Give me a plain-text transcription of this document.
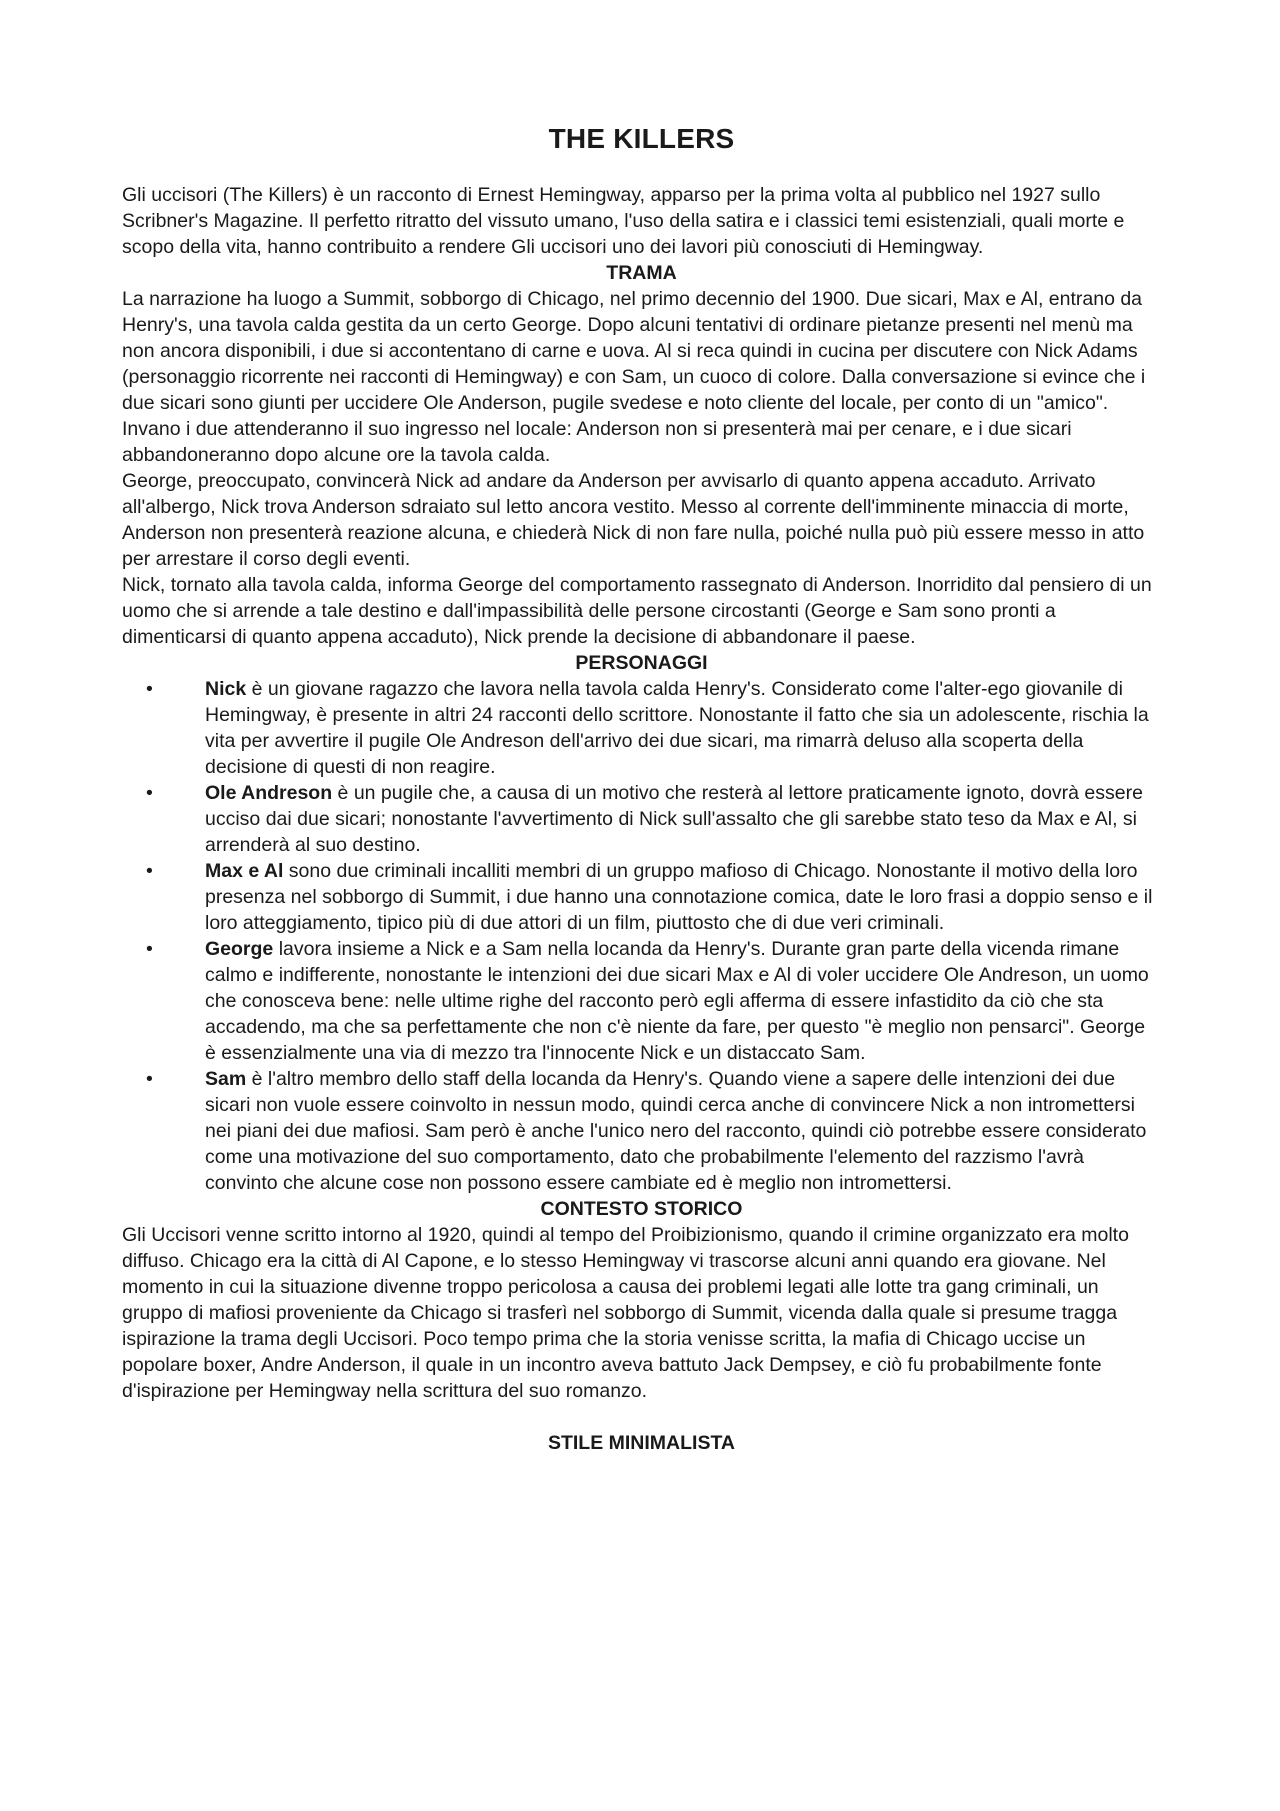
THE KILLERS

Gli uccisori (The Killers) è un racconto di Ernest Hemingway, apparso per la prima volta al pubblico nel 1927 sullo Scribner's Magazine. Il perfetto ritratto del vissuto umano, l'uso della satira e i classici temi esistenziali, quali morte e scopo della vita, hanno contribuito a rendere Gli uccisori uno dei lavori più conosciuti di Hemingway.

TRAMA

La narrazione ha luogo a Summit, sobborgo di Chicago, nel primo decennio del 1900. Due sicari, Max e Al, entrano da Henry's, una tavola calda gestita da un certo George. Dopo alcuni tentativi di ordinare pietanze presenti nel menù ma non ancora disponibili, i due si accontentano di carne e uova. Al si reca quindi in cucina per discutere con Nick Adams (personaggio ricorrente nei racconti di Hemingway) e con Sam, un cuoco di colore. Dalla conversazione si evince che i due sicari sono giunti per uccidere Ole Anderson, pugile svedese e noto cliente del locale, per conto di un "amico". Invano i due attenderanno il suo ingresso nel locale: Anderson non si presenterà mai per cenare, e i due sicari abbandoneranno dopo alcune ore la tavola calda.

George, preoccupato, convincerà Nick ad andare da Anderson per avvisarlo di quanto appena accaduto. Arrivato all'albergo, Nick trova Anderson sdraiato sul letto ancora vestito. Messo al corrente dell'imminente minaccia di morte, Anderson non presenterà reazione alcuna, e chiederà Nick di non fare nulla, poiché nulla può più essere messo in atto per arrestare il corso degli eventi.

Nick, tornato alla tavola calda, informa George del comportamento rassegnato di Anderson. Inorridito dal pensiero di un uomo che si arrende a tale destino e dall'impassibilità delle persone circostanti (George e Sam sono pronti a dimenticarsi di quanto appena accaduto), Nick prende la decisione di abbandonare il paese.

PERSONAGGI
•	Nick è un giovane ragazzo che lavora nella tavola calda Henry's. Considerato come l'alter-ego giovanile di Hemingway, è presente in altri 24 racconti dello scrittore. Nonostante il fatto che sia un adolescente, rischia la vita per avvertire il pugile Ole Andreson dell'arrivo dei due sicari, ma rimarrà deluso alla scoperta della decisione di questi di non reagire.
•	Ole Andreson è un pugile che, a causa di un motivo che resterà al lettore praticamente ignoto, dovrà essere ucciso dai due sicari; nonostante l'avvertimento di Nick sull'assalto che gli sarebbe stato teso da Max e Al, si arrenderà al suo destino.
•	Max e Al sono due criminali incalliti membri di un gruppo mafioso di Chicago. Nonostante il motivo della loro presenza nel sobborgo di Summit, i due hanno una connotazione comica, date le loro frasi a doppio senso e il loro atteggiamento, tipico più di due attori di un film, piuttosto che di due veri criminali.
•	George lavora insieme a Nick e a Sam nella locanda da Henry's. Durante gran parte della vicenda rimane calmo e indifferente, nonostante le intenzioni dei due sicari Max e Al di voler uccidere Ole Andreson, un uomo che conosceva bene: nelle ultime righe del racconto però egli afferma di essere infastidito da ciò che sta accadendo, ma che sa perfettamente che non c'è niente da fare, per questo "è meglio non pensarci". George è essenzialmente una via di mezzo tra l'innocente Nick e un distaccato Sam.
•	Sam è l'altro membro dello staff della locanda da Henry's. Quando viene a sapere delle intenzioni dei due sicari non vuole essere coinvolto in nessun modo, quindi cerca anche di convincere Nick a non intromettersi nei piani dei due mafiosi. Sam però è anche l'unico nero del racconto, quindi ciò potrebbe essere considerato come una motivazione del suo comportamento, dato che probabilmente l'elemento del razzismo l'avrà convinto che alcune cose non possono essere cambiate ed è meglio non intromettersi.
CONTESTO STORICO

Gli Uccisori venne scritto intorno al 1920, quindi al tempo del Proibizionismo, quando il crimine organizzato era molto diffuso. Chicago era la città di Al Capone, e lo stesso Hemingway vi trascorse alcuni anni quando era giovane. Nel momento in cui la situazione divenne troppo pericolosa a causa dei problemi legati alle lotte tra gang criminali, un gruppo di mafiosi proveniente da Chicago si trasferì nel sobborgo di Summit, vicenda dalla quale si presume tragga ispirazione la trama degli Uccisori. Poco tempo prima che la storia venisse scritta, la mafia di Chicago uccise un popolare boxer, Andre Anderson, il quale in un incontro aveva battuto Jack Dempsey, e ciò fu probabilmente fonte d'ispirazione per Hemingway nella scrittura del suo romanzo.

STILE MINIMALISTA
